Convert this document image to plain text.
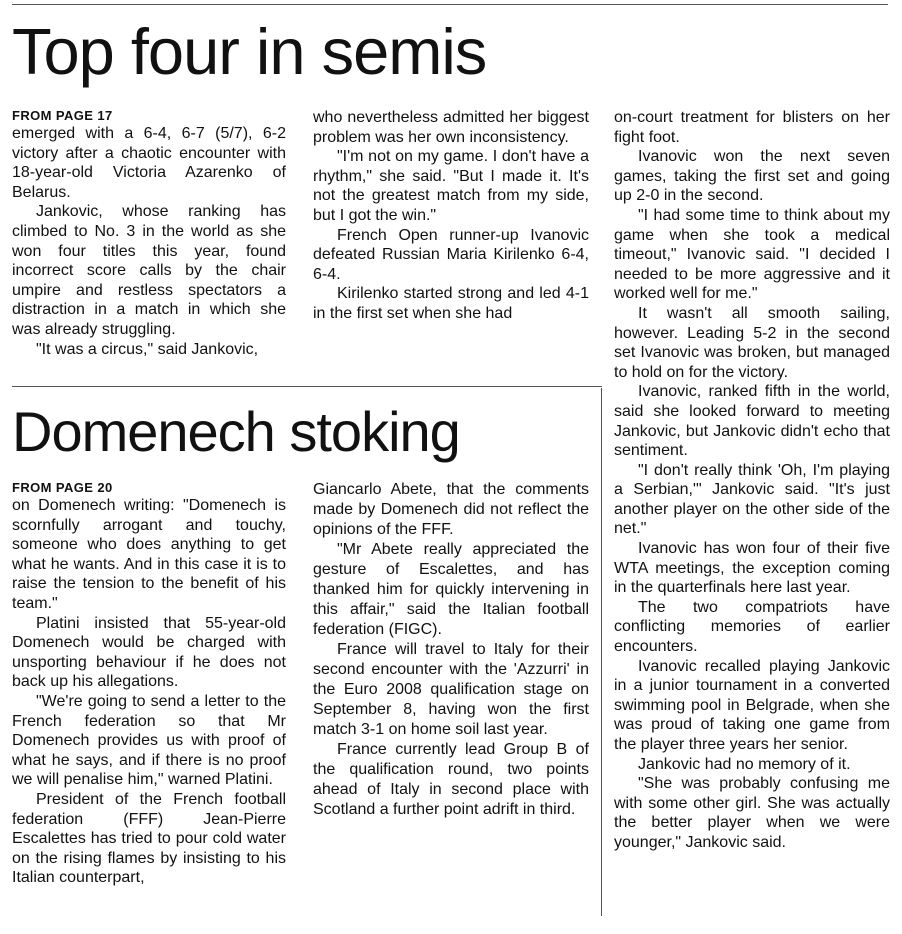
Top four in semis

FROM PAGE 17

emerged with a 6-4, 6-7 (5/7), 6-2 victory after a chaotic encounter with 18-year-old Victoria Azarenko of Belarus.

Jankovic, whose ranking has climbed to No. 3 in the world as she won four titles this year, found incorrect score calls by the chair umpire and restless spectators a distraction in a match in which she was already struggling.

"It was a circus," said Jankovic,

who nevertheless admitted her biggest problem was her own inconsistency.

"I'm not on my game. I don't have a rhythm," she said. "But I made it. It's not the greatest match from my side, but I got the win."

French Open runner-up Ivanovic defeated Russian Maria Kirilenko 6-4, 6-4.

Kirilenko started strong and led 4-1 in the first set when she had

on-court treatment for blisters on her fight foot.

Ivanovic won the next seven games, taking the first set and going up 2-0 in the second.

"I had some time to think about my game when she took a medical timeout," Ivanovic said. "I decided I needed to be more aggressive and it worked well for me."

It wasn't all smooth sailing, however. Leading 5-2 in the second set Ivanovic was broken, but managed to hold on for the victory.

Ivanovic, ranked fifth in the world, said she looked forward to meeting Jankovic, but Jankovic didn't echo that sentiment.

"I don't really think 'Oh, I'm playing a Serbian,'" Jankovic said. "It's just another player on the other side of the net."

Ivanovic has won four of their five WTA meetings, the exception coming in the quarterfinals here last year.

The two compatriots have conflicting memories of earlier encounters.

Ivanovic recalled playing Jankovic in a junior tournament in a converted swimming pool in Belgrade, when she was proud of taking one game from the player three years her senior.

Jankovic had no memory of it.

"She was probably confusing me with some other girl. She was actually the better player when we were younger," Jankovic said.

Domenech stoking

FROM PAGE 20

on Domenech writing: "Domenech is scornfully arrogant and touchy, someone who does anything to get what he wants. And in this case it is to raise the tension to the benefit of his team."

Platini insisted that 55-year-old Domenech would be charged with unsporting behaviour if he does not back up his allegations.

"We're going to send a letter to the French federation so that Mr Domenech provides us with proof of what he says, and if there is no proof we will penalise him," warned Platini.

President of the French football federation (FFF) Jean-Pierre Escalettes has tried to pour cold water on the rising flames by insisting to his Italian counterpart,

Giancarlo Abete, that the comments made by Domenech did not reflect the opinions of the FFF.

"Mr Abete really appreciated the gesture of Escalettes, and has thanked him for quickly intervening in this affair," said the Italian football federation (FIGC).

France will travel to Italy for their second encounter with the 'Azzurri' in the Euro 2008 qualification stage on September 8, having won the first match 3-1 on home soil last year.

France currently lead Group B of the qualification round, two points ahead of Italy in second place with Scotland a further point adrift in third.
